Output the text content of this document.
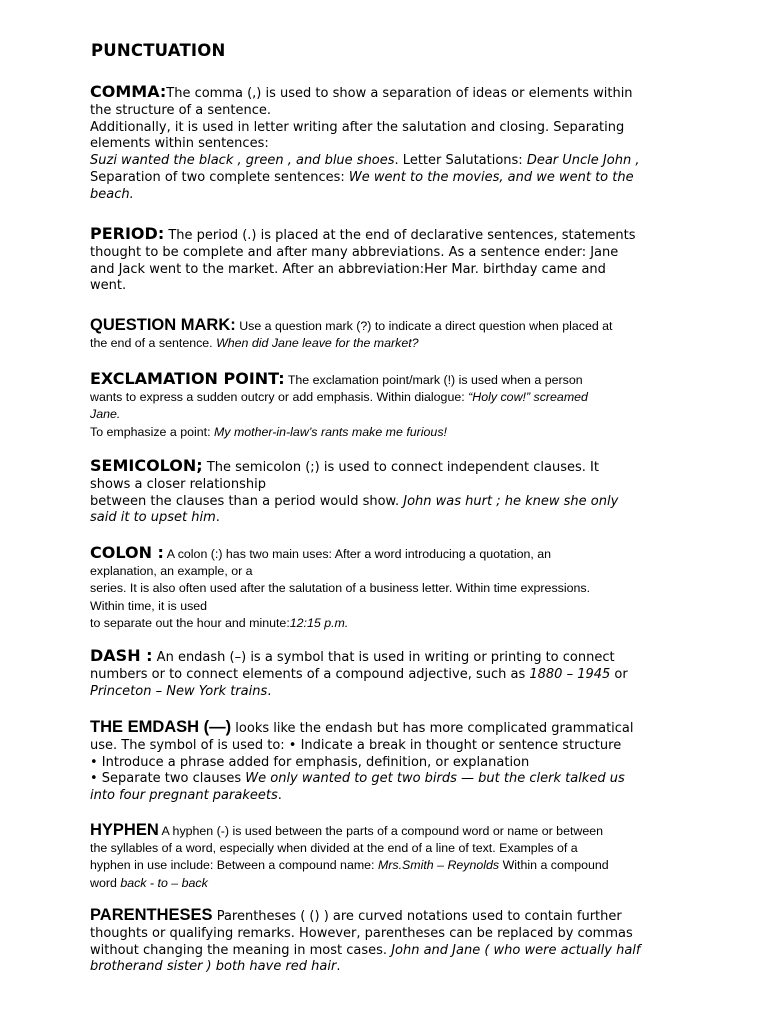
PUNCTUATION
COMMA:The comma (,) is used to show a separation of ideas or elements within
the structure of a sentence.
Additionally, it is used in letter writing after the salutation and closing. Separating
elements within sentences:
Suzi wanted the black , green , and blue shoes. Letter Salutations: Dear Uncle John ,
Separation of two complete sentences: We went to the movies, and we went to the
beach.
PERIOD: The period (.) is placed at the end of declarative sentences, statements
thought to be complete and after many abbreviations. As a sentence ender: Jane
and Jack went to the market. After an abbreviation:Her Mar. birthday came and
went.
QUESTION MARK: Use a question mark (?) to indicate a direct question when placed at
the end of a sentence. When did Jane leave for the market?
EXCLAMATION POINT: The exclamation point/mark (!) is used when a person
wants to express a sudden outcry or add emphasis. Within dialogue: “Holy cow!” screamed
Jane.
To emphasize a point: My mother-in-law’s rants make me furious!
SEMICOLON; The semicolon (;) is used to connect independent clauses. It
shows a closer relationship
between the clauses than a period would show. John was hurt ; he knew she only
said it to upset him.
COLON : A colon (:) has two main uses: After a word introducing a quotation, an
explanation, an example, or a
series. It is also often used after the salutation of a business letter. Within time expressions.
Within time, it is used
to separate out the hour and minute:12:15 p.m.
DASH : An endash (–) is a symbol that is used in writing or printing to connect
numbers or to connect elements of a compound adjective, such as 1880 – 1945 or
Princeton – New York trains.
THE EMDASH (—) looks like the endash but has more complicated grammatical
use. The symbol of is used to: • Indicate a break in thought or sentence structure
• Introduce a phrase added for emphasis, definition, or explanation
• Separate two clauses We only wanted to get two birds — but the clerk talked us
into four pregnant parakeets.
HYPHEN A hyphen (-) is used between the parts of a compound word or name or between
the syllables of a word, especially when divided at the end of a line of text. Examples of a
hyphen in use include: Between a compound name: Mrs.Smith – Reynolds Within a compound
word back - to – back
PARENTHESES Parentheses ( () ) are curved notations used to contain further
thoughts or qualifying remarks. However, parentheses can be replaced by commas
without changing the meaning in most cases. John and Jane ( who were actually half
brotherand sister ) both have red hair.
